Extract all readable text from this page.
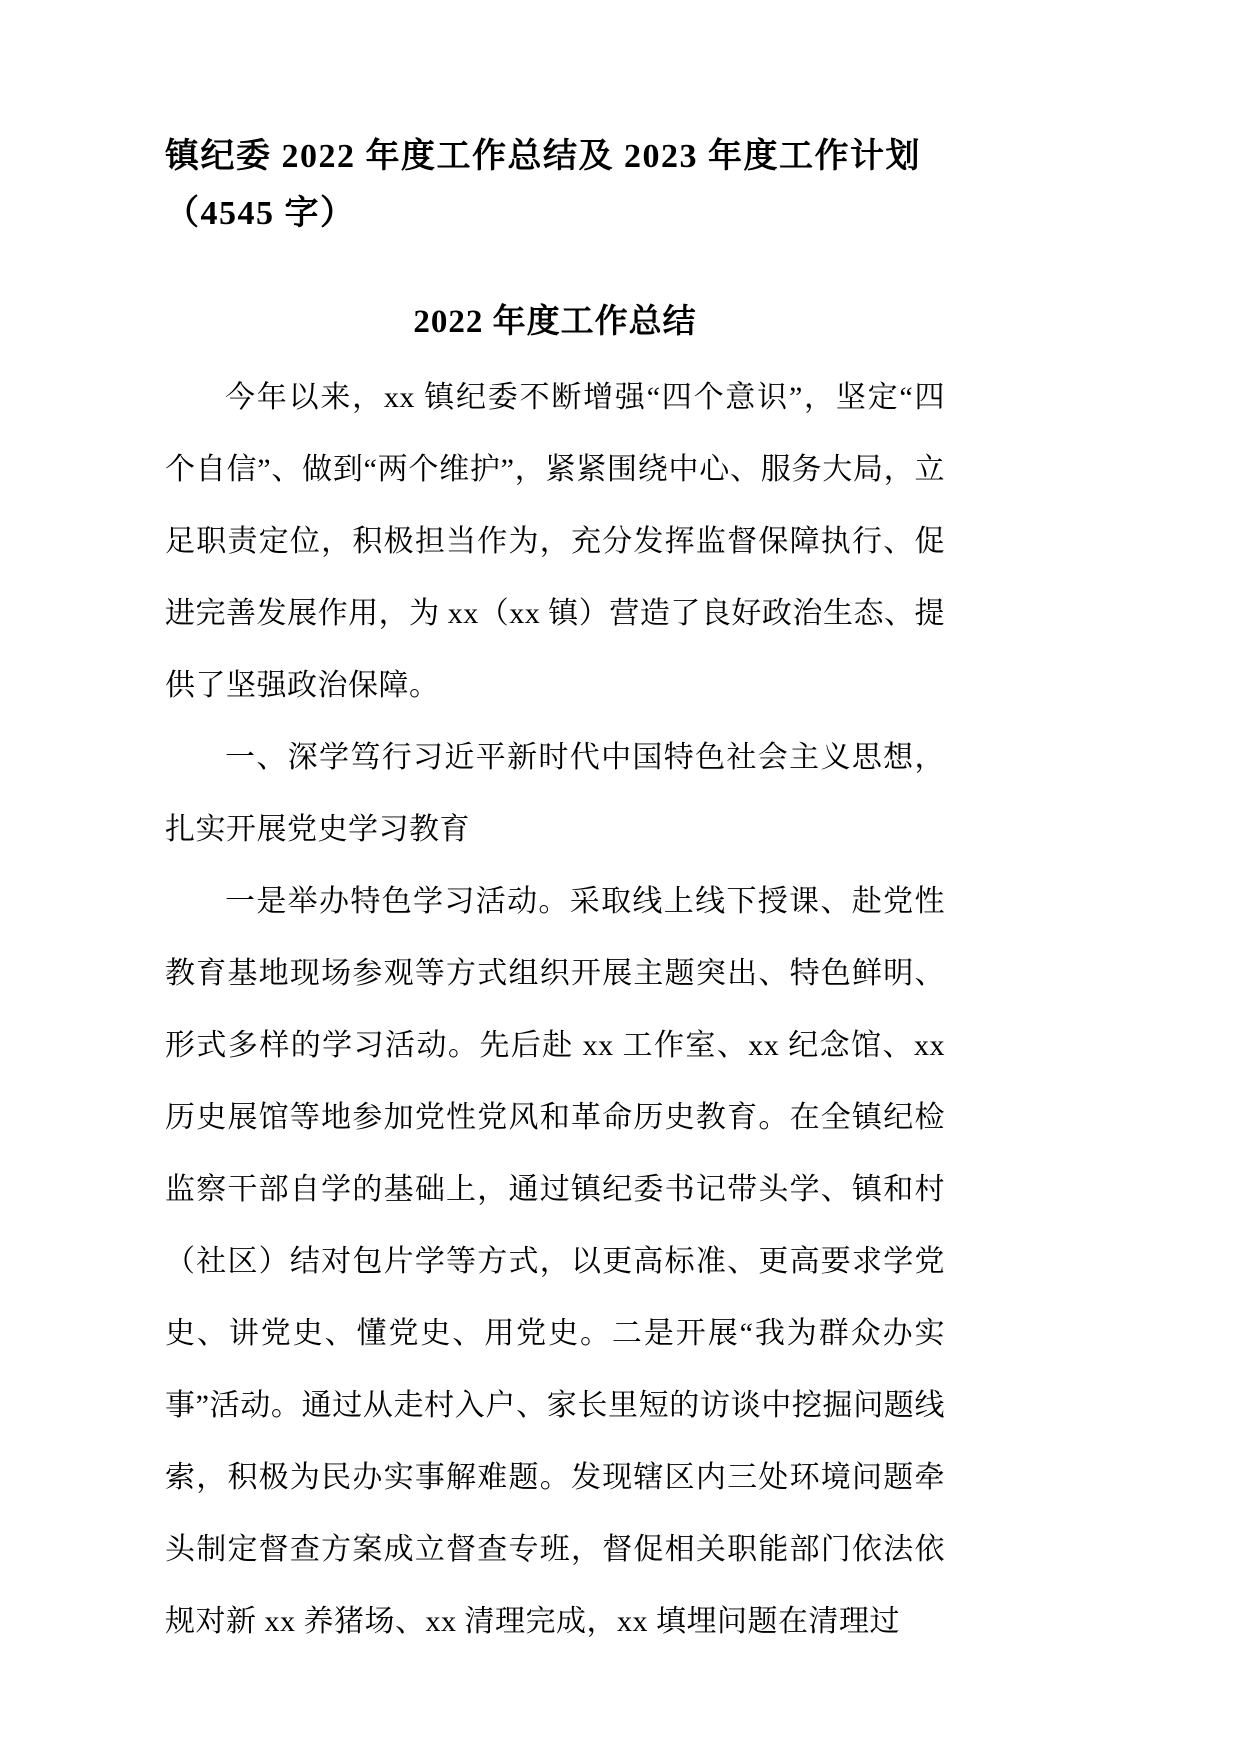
镇纪委 2022 年度工作总结及 2023 年度工作计划
（4545 字）
2022 年度工作总结

今年以来，xx 镇纪委不断增强“四个意识”，坚定“四个自信”、做到“两个维护”，紧紧围绕中心、服务大局，立足职责定位，积极担当作为，充分发挥监督保障执行、促进完善发展作用，为 xx（xx 镇）营造了良好政治生态、提供了坚强政治保障。

一、深学笃行习近平新时代中国特色社会主义思想，扎实开展党史学习教育

一是举办特色学习活动。采取线上线下授课、赴党性教育基地现场参观等方式组织开展主题突出、特色鲜明、形式多样的学习活动。先后赴 xx 工作室、xx 纪念馆、xx 历史展馆等地参加党性党风和革命历史教育。在全镇纪检监察干部自学的基础上，通过镇纪委书记带头学、镇和村（社区）结对包片学等方式，以更高标准、更高要求学党史、讲党史、懂党史、用党史。二是开展“我为群众办实事”活动。通过从走村入户、家长里短的访谈中挖掘问题线索，积极为民办实事解难题。发现辖区内三处环境问题牵头制定督查方案成立督查专班，督促相关职能部门依法依规对新 xx 养猪场、xx 清理完成，xx 填埋问题在清理过
